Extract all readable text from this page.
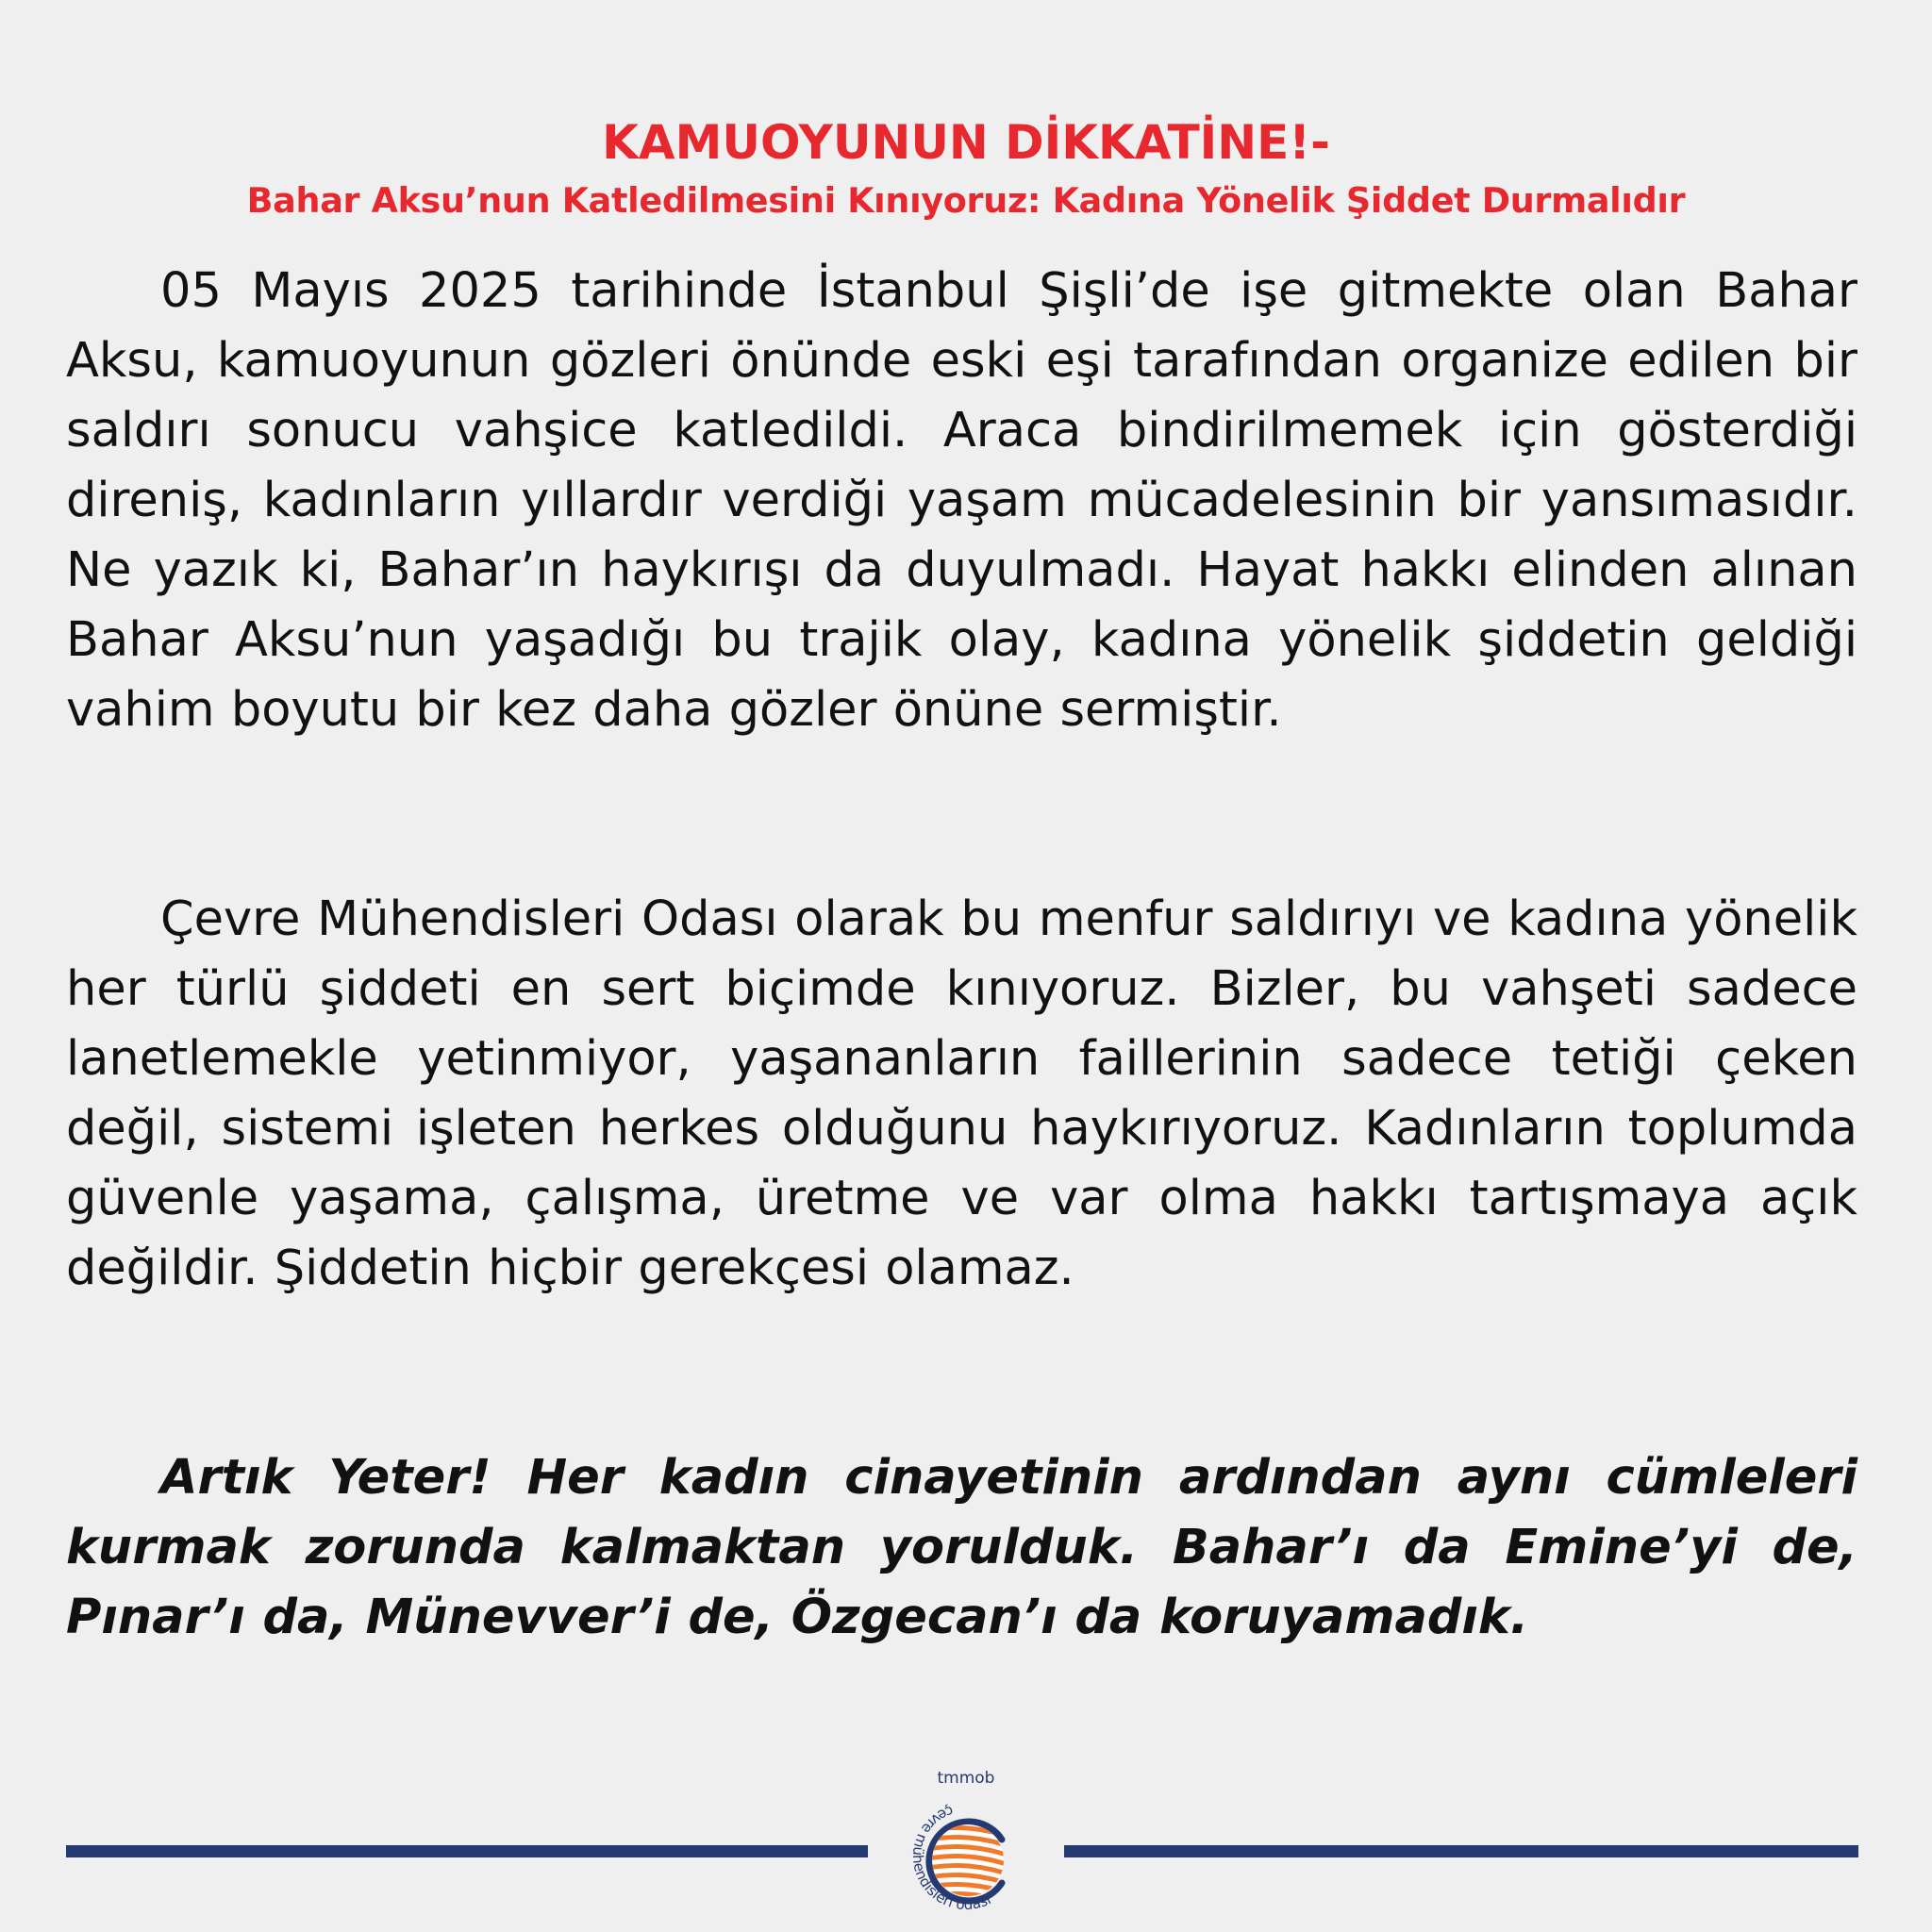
KAMUOYUNUN DİKKATİNE!-

Bahar Aksu’nun Katledilmesini Kınıyoruz: Kadına Yönelik Şiddet Durmalıdır

05 Mayıs 2025 tarihinde İstanbul Şişli’de işe gitmekte olan Bahar Aksu, kamuoyunun gözleri önünde eski eşi tarafından organize edilen bir saldırı sonucu vahşice katledildi. Araca bindirilmemek için gösterdiği direniş, kadınların yıllardır verdiği yaşam mücadelesinin bir yansımasıdır. Ne yazık ki, Bahar’ın haykırışı da duyulmadı. Hayat hakkı elinden alınan Bahar Aksu’nun yaşadığı bu trajik olay, kadına yönelik şiddetin geldiği vahim boyutu bir kez daha gözler önüne sermiştir.

Çevre Mühendisleri Odası olarak bu menfur saldırıyı ve kadına yönelik her türlü şiddeti en sert biçimde kınıyoruz. Bizler, bu vahşeti sadece lanetlemekle yetinmiyor, yaşananların faillerinin sadece tetiği çeken değil, sistemi işleten herkes olduğunu haykırıyoruz. Kadınların toplumda güvenle yaşama, çalışma, üretme ve var olma hakkı tartışmaya açık değildir. Şiddetin hiçbir gerekçesi olamaz.

Artık Yeter! Her kadın cinayetinin ardından aynı cümleleri kurmak zorunda kalmaktan yorulduk. Bahar’ı da Emine’yi de, Pınar’ı da, Münevver’i de, Özgecan’ı da koruyamadık.

tmmob
çevre mühendisleri odası
